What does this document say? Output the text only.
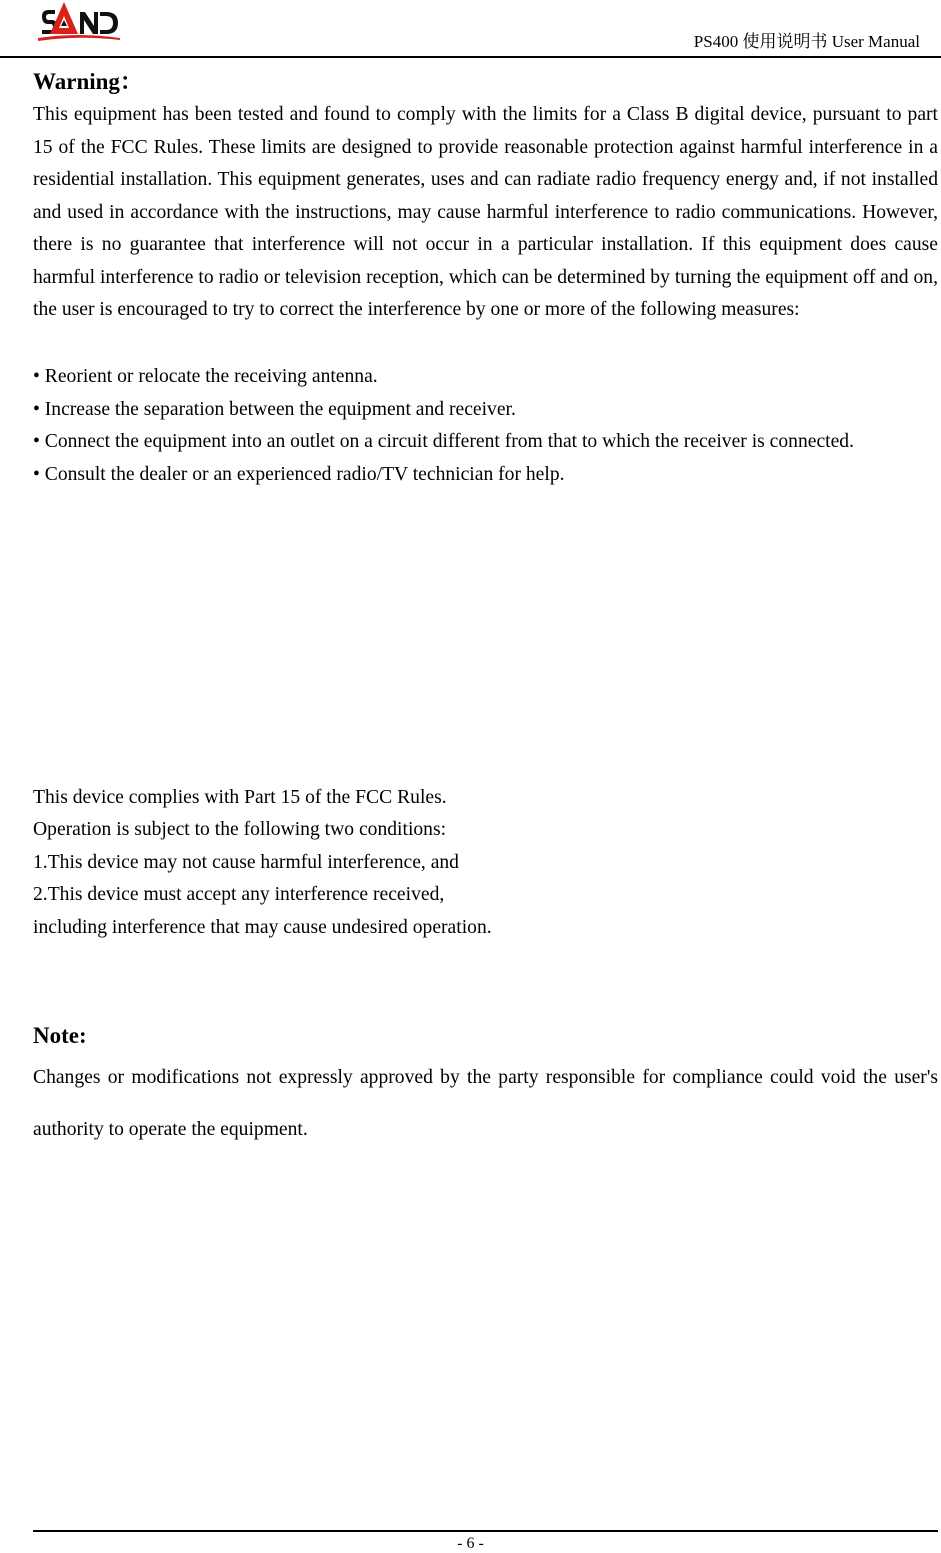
PS400 使用说明书 User Manual
Warning：

This equipment has been tested and found to comply with the limits for a Class B digital device, pursuant to part 15 of the FCC Rules. These limits are designed to provide reasonable protection against harmful interference in a residential installation. This equipment generates, uses and can radiate radio frequency energy and, if not installed and used in accordance with the instructions, may cause harmful interference to radio communications. However, there is no guarantee that interference will not occur in a particular installation. If this equipment does cause harmful interference to radio or television reception, which can be determined by turning the equipment off and on, the user is encouraged to try to correct the interference by one or more of the following measures:

• Reorient or relocate the receiving antenna.
• Increase the separation between the equipment and receiver.
• Connect the equipment into an outlet on a circuit different from that to which the receiver is connected.
• Consult the dealer or an experienced radio/TV technician for help.
This device complies with Part 15 of the FCC Rules.
Operation is subject to the following two conditions:
1.This device may not cause harmful interference, and
2.This device must accept any interference received,
including interference that may cause undesired operation.
Note:
Changes or modifications not expressly approved by the party responsible for compliance could void the user's authority to operate the equipment.
- 6 -
